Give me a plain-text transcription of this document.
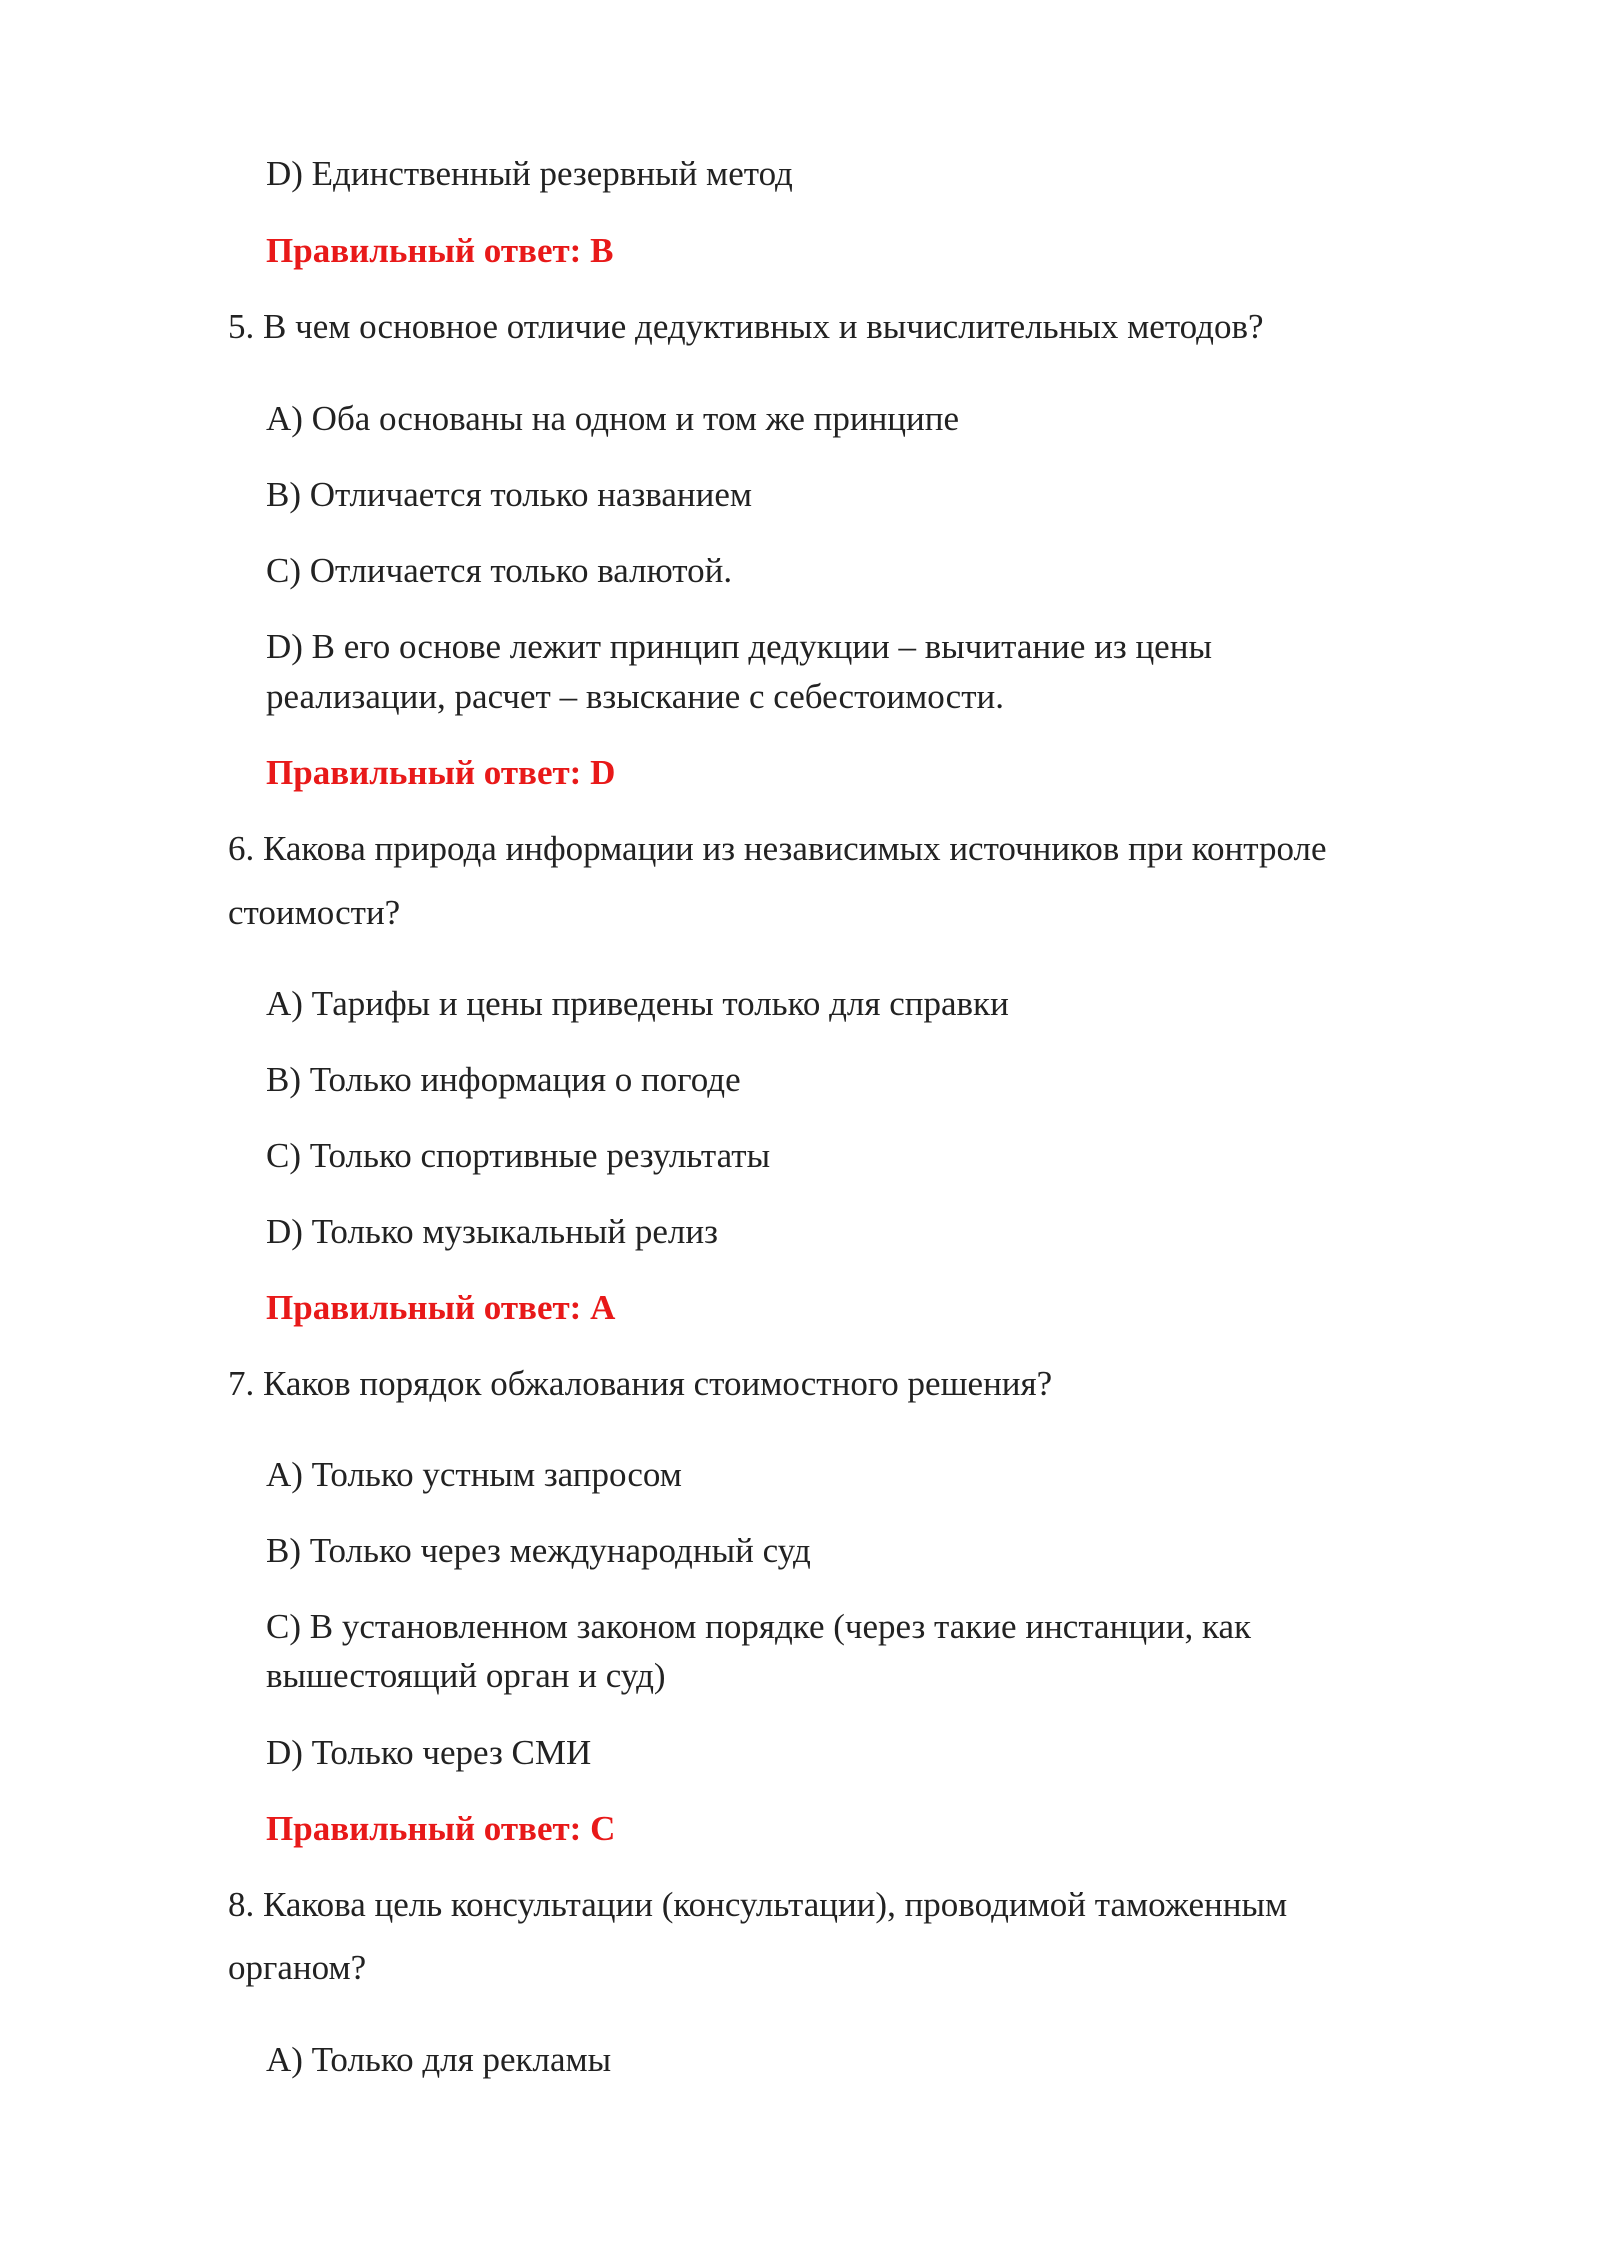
D) Единственный резервный метод

Правильный ответ: B

5. В чем основное отличие дедуктивных и вычислительных методов?

A) Оба основаны на одном и том же принципе

B) Отличается только названием

C) Отличается только валютой.

D) В его основе лежит принцип дедукции – вычитание из цены

реализации, расчет – взыскание с себестоимости.

Правильный ответ: D

6. Какова природа информации из независимых источников при контроле

стоимости?

A) Тарифы и цены приведены только для справки

B) Только информация о погоде

C) Только спортивные результаты

D) Только музыкальный релиз

Правильный ответ: A

7. Каков порядок обжалования стоимостного решения?

A) Только устным запросом

B) Только через международный суд

C) В установленном законом порядке (через такие инстанции, как

вышестоящий орган и суд)

D) Только через СМИ

Правильный ответ: C

8. Какова цель консультации (консультации), проводимой таможенным

органом?

A) Только для рекламы
